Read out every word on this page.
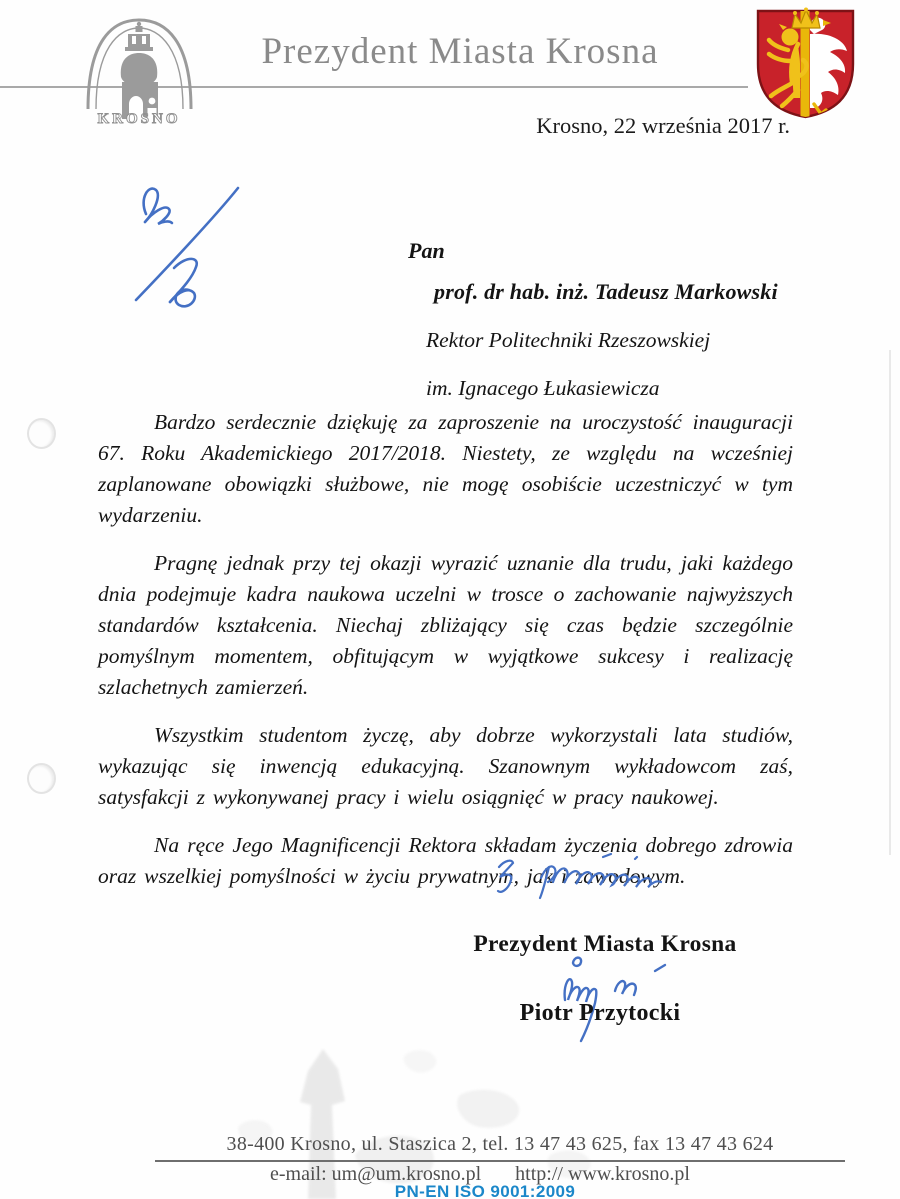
KROSNO
Prezydent Miasta Krosna
Krosno, 22 września 2017 r.

Pan

prof. dr hab. inż. Tadeusz Markowski

Rektor Politechniki Rzeszowskiej

im. Ignacego Łukasiewicza

Bardzo serdecznie dziękuję za zaproszenie na uroczystość inauguracji 67. Roku Akademickiego 2017/2018. Niestety, ze względu na wcześniej zaplanowane obowiązki służbowe, nie mogę osobiście uczestniczyć w tym wydarzeniu.

Pragnę jednak przy tej okazji wyrazić uznanie dla trudu, jaki każdego dnia podejmuje kadra naukowa uczelni w trosce o zachowanie najwyższych standardów kształcenia. Niechaj zbliżający się czas będzie szczególnie pomyślnym momentem, obfitującym w wyjątkowe sukcesy i realizację szlachetnych zamierzeń.

Wszystkim studentom życzę, aby dobrze wykorzystali lata studiów, wykazując się inwencją edukacyjną. Szanownym wykładowcom zaś, satysfakcji z wykonywanej pracy i wielu osiągnięć w pracy naukowej.

Na ręce Jego Magnificencji Rektora składam życzenia dobrego zdrowia oraz wszelkiej pomyślności w życiu prywatnym, jak i zawodowym.

Prezydent Miasta Krosna
Piotr Przytocki
38-400 Krosno, ul. Staszica 2, tel. 13 47 43 625, fax 13 47 43 624
e-mail: um@um.krosno.pl http:// www.krosno.pl
PN-EN ISO 9001:2009
